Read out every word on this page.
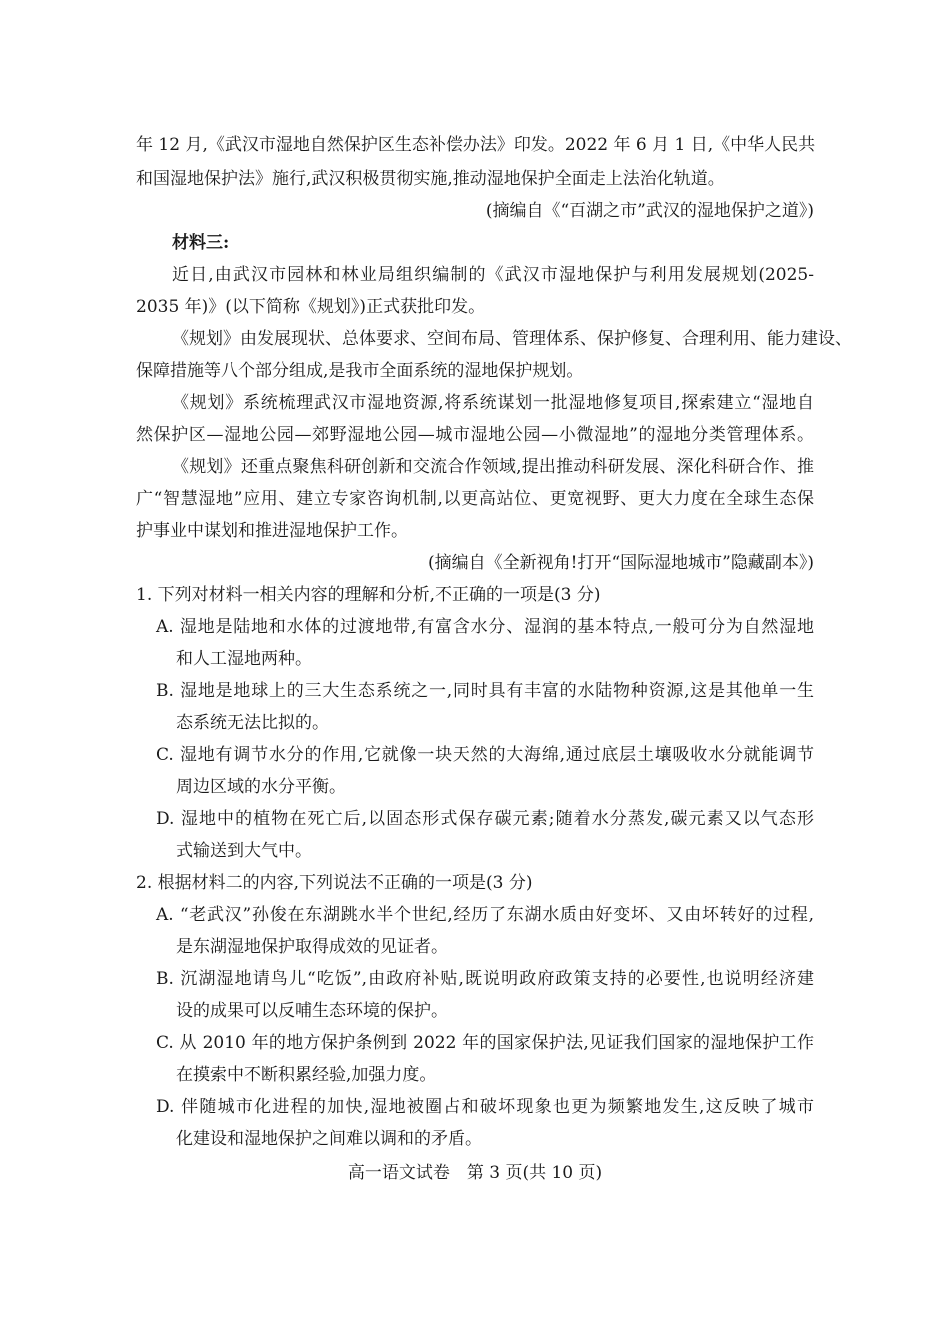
年 12 月,《武汉市湿地自然保护区生态补偿办法》印发。2022 年 6 月 1 日,《中华人民共
和国湿地保护法》施行,武汉积极贯彻实施,推动湿地保护全面走上法治化轨道。
(摘编自《“百湖之市”武汉的湿地保护之道》)
材料三:
近日,由武汉市园林和林业局组织编制的《武汉市湿地保护与利用发展规划(2025-
2035 年)》(以下简称《规划》)正式获批印发。
《规划》由发展现状、总体要求、空间布局、管理体系、保护修复、合理利用、能力建设、
保障措施等八个部分组成,是我市全面系统的湿地保护规划。
《规划》系统梳理武汉市湿地资源,将系统谋划一批湿地修复项目,探索建立“湿地自
然保护区—湿地公园—郊野湿地公园—城市湿地公园—小微湿地”的湿地分类管理体系。
《规划》还重点聚焦科研创新和交流合作领域,提出推动科研发展、深化科研合作、推
广“智慧湿地”应用、建立专家咨询机制,以更高站位、更宽视野、更大力度在全球生态保
护事业中谋划和推进湿地保护工作。
(摘编自《全新视角!打开“国际湿地城市”隐藏副本》)
1. 下列对材料一相关内容的理解和分析,不正确的一项是(3 分)
A. 湿地是陆地和水体的过渡地带,有富含水分、湿润的基本特点,一般可分为自然湿地
和人工湿地两种。
B. 湿地是地球上的三大生态系统之一,同时具有丰富的水陆物种资源,这是其他单一生
态系统无法比拟的。
C. 湿地有调节水分的作用,它就像一块天然的大海绵,通过底层土壤吸收水分就能调节
周边区域的水分平衡。
D. 湿地中的植物在死亡后,以固态形式保存碳元素;随着水分蒸发,碳元素又以气态形
式输送到大气中。
2. 根据材料二的内容,下列说法不正确的一项是(3 分)
A. “老武汉”孙俊在东湖跳水半个世纪,经历了东湖水质由好变坏、又由坏转好的过程,
是东湖湿地保护取得成效的见证者。
B. 沉湖湿地请鸟儿“吃饭”,由政府补贴,既说明政府政策支持的必要性,也说明经济建
设的成果可以反哺生态环境的保护。
C. 从 2010 年的地方保护条例到 2022 年的国家保护法,见证我们国家的湿地保护工作
在摸索中不断积累经验,加强力度。
D. 伴随城市化进程的加快,湿地被圈占和破坏现象也更为频繁地发生,这反映了城市
化建设和湿地保护之间难以调和的矛盾。
高一语文试卷　第 3 页(共 10 页)
